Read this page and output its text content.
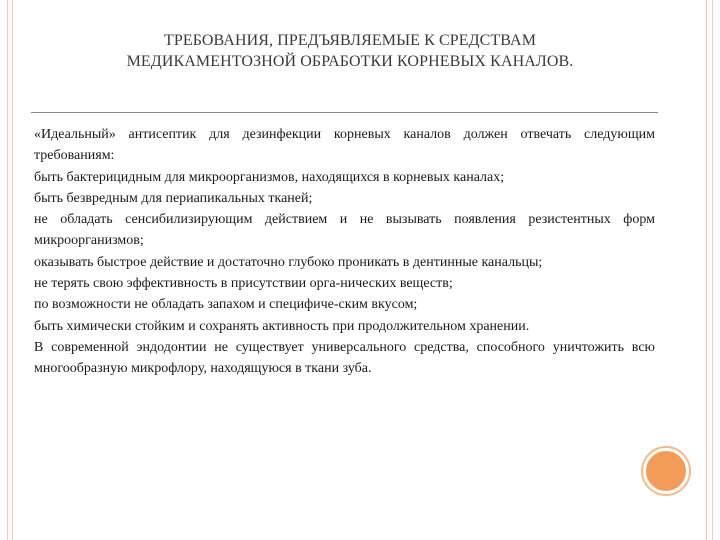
ТРЕБОВАНИЯ, ПРЕДЪЯВЛЯЕМЫЕ К СРЕДСТВАМ
МЕДИКАМЕНТОЗНОЙ ОБРАБОТКИ КОРНЕВЫХ КАНАЛОВ.

«Идеальный» антисептик для дезинфекции корневых каналов должен отвечать следующим требованиям:

быть бактерицидным для микроорганизмов, находящихся в корневых каналах;

быть безвредным для периапикальных тканей;

не обладать сенсибилизирующим действием и не вызывать появления резистентных форм микроорганизмов;

оказывать быстрое действие и достаточно глубоко проникать в дентинные канальцы;

не терять свою эффективность в присутствии орга-нических веществ;

по возможности не обладать запахом и специфиче-ским вкусом;

быть химически стойким и сохранять активность при продолжительном хранении.

В современной эндодонтии не существует универсального средства, способного уничтожить всю многообразную микрофлору, находящуюся в ткани зуба.
